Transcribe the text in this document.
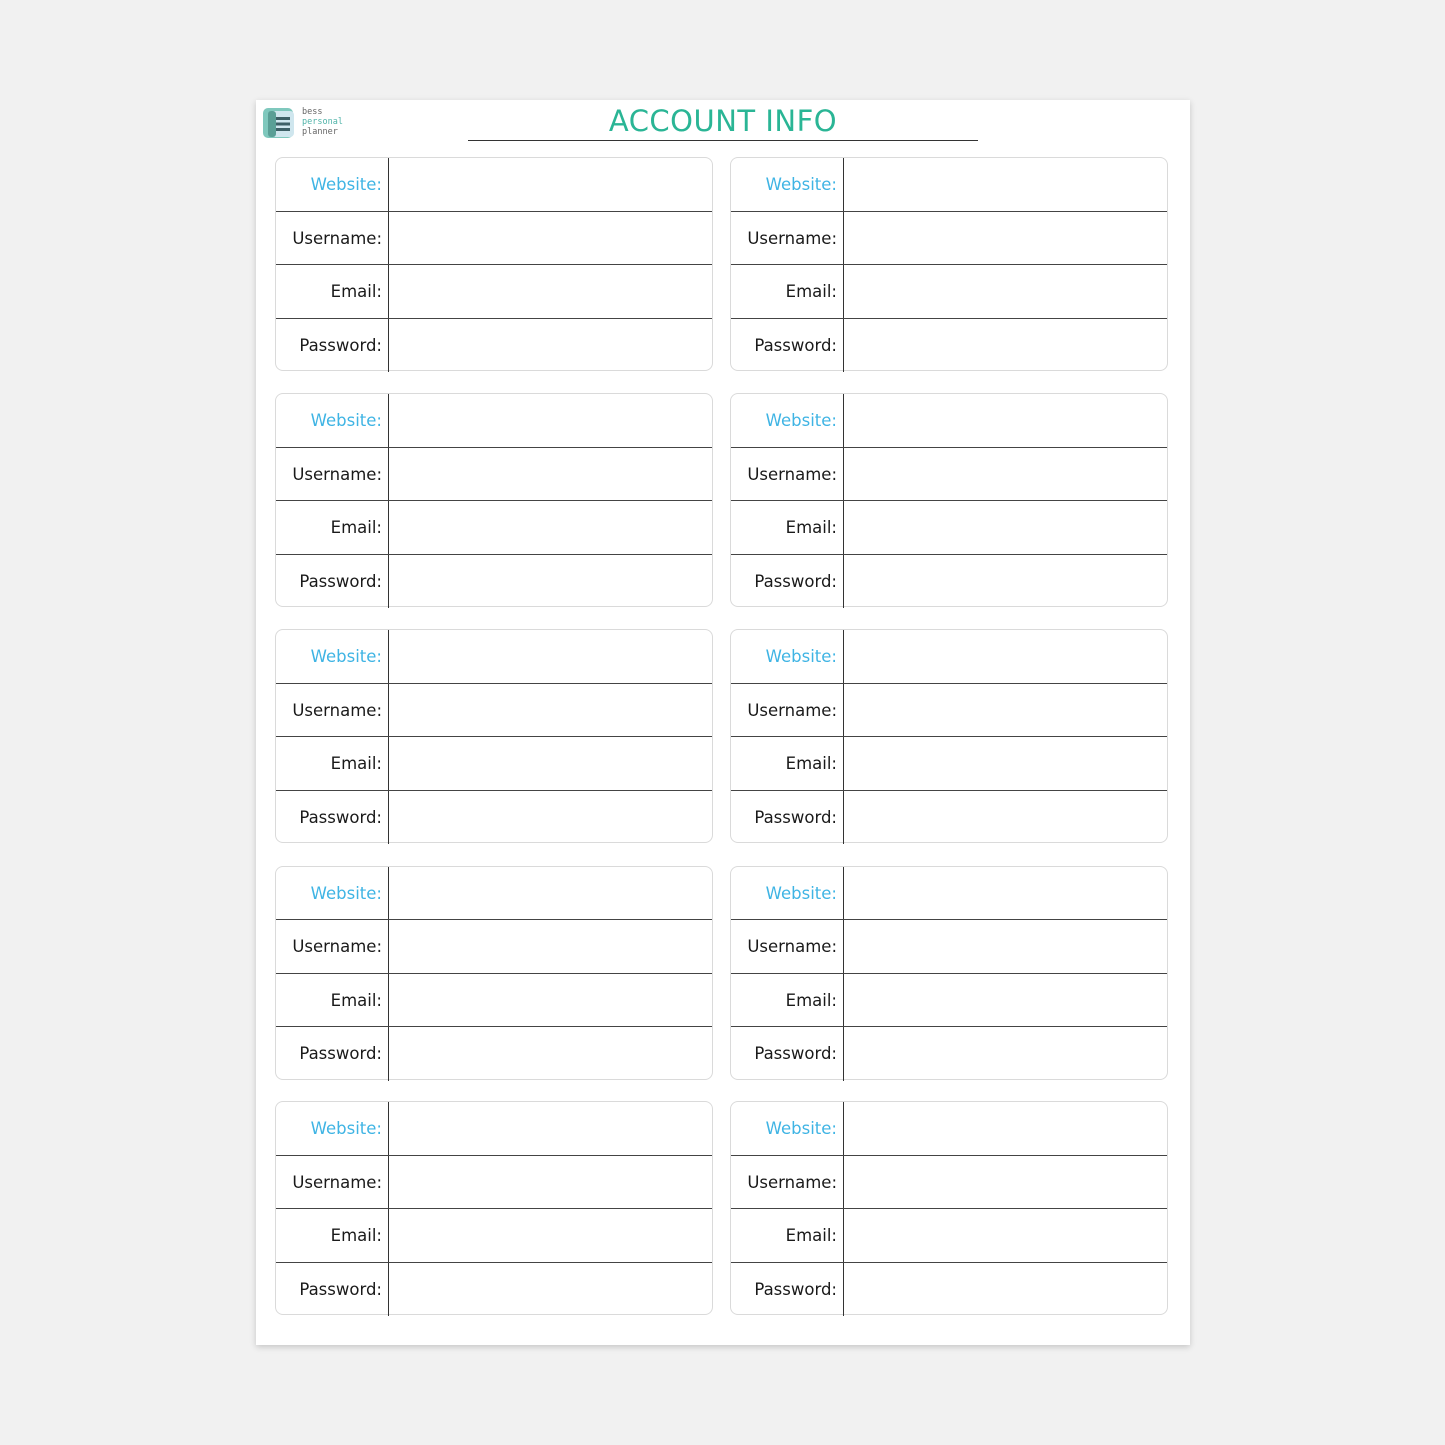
bess
personal
planner	ACCOUNT INFO
Website:
Username:
Email:
Password:
Website:
Username:
Email:
Password:
Website:
Username:
Email:
Password:
Website:
Username:
Email:
Password:
Website:
Username:
Email:
Password:
Website:
Username:
Email:
Password:
Website:
Username:
Email:
Password:
Website:
Username:
Email:
Password:
Website:
Username:
Email:
Password:
Website:
Username:
Email:
Password:
